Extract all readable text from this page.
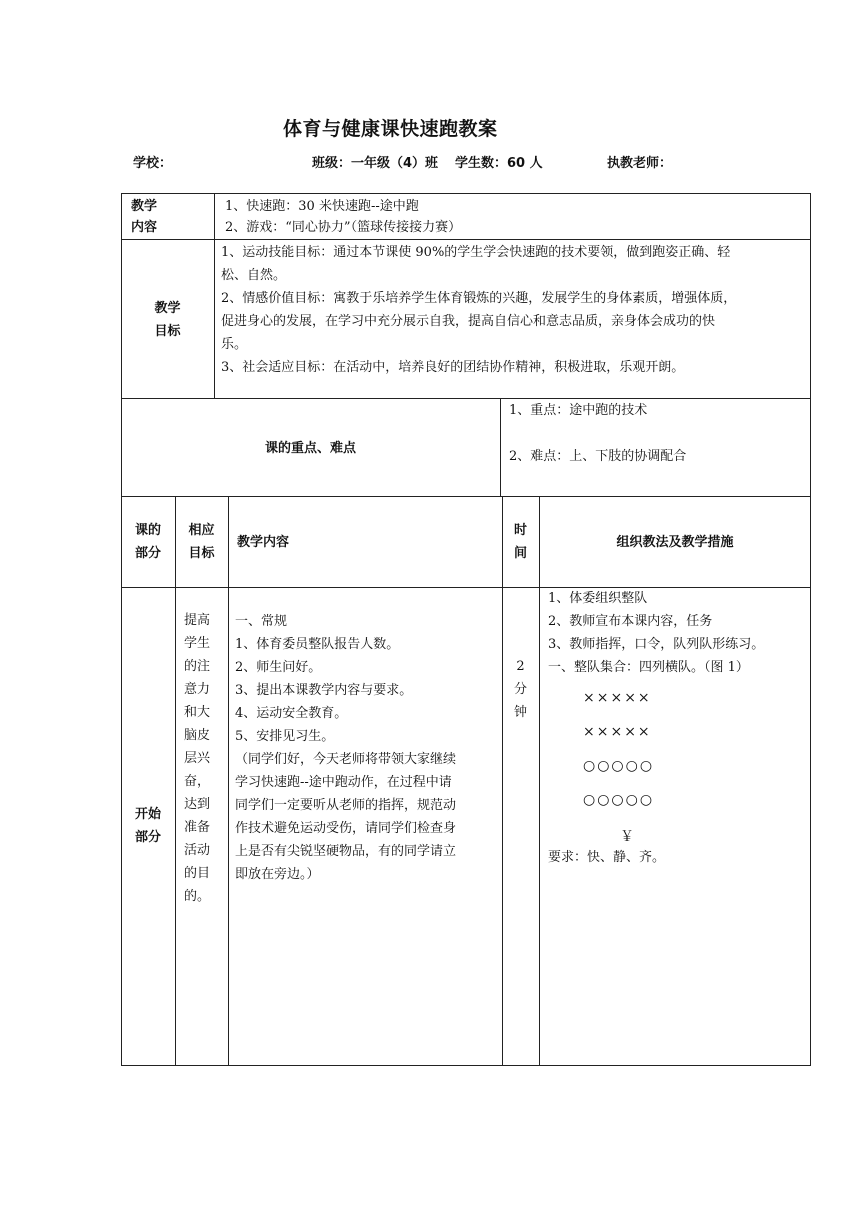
体育与健康课快速跑教案
学校：	班级：一年级（4）班 学生数：60 人	执教老师：
教学
内容
1、快速跑：30 米快速跑--途中跑
2、游戏：“同心协力”（篮球传接接力赛）
教学
目标
1、运动技能目标：通过本节课使 90%的学生学会快速跑的技术要领，做到跑姿正确、轻
松、自然。
2、情感价值目标：寓教于乐培养学生体育锻炼的兴趣，发展学生的身体素质，增强体质，
促进身心的发展，在学习中充分展示自我，提高自信心和意志品质，亲身体会成功的快
乐。
3、社会适应目标：在活动中，培养良好的团结协作精神，积极进取，乐观开朗。
课的重点、难点
1、重点：途中跑的技术
2、难点：上、下肢的协调配合
课的
部分
相应
目标
教学内容
时
间
组织教法及教学措施
开始
部分
提高
学生
的注
意力
和大
脑皮
层兴
奋，
达到
准备
活动
的目
的。
一、常规
1、体育委员整队报告人数。
2、师生问好。
3、提出本课教学内容与要求。
4、运动安全教育。
5、安排见习生。
（同学们好，今天老师将带领大家继续
学习快速跑--途中跑动作，在过程中请
同学们一定要听从老师的指挥，规范动
作技术避免运动受伤，请同学们检查身
上是否有尖锐坚硬物品，有的同学请立
即放在旁边。）
2
分
钟
1、体委组织整队
2、教师宣布本课内容，任务
3、教师指挥，口令，队列队形练习。
一、整队集合：四列横队。（图 1）
×××××
×××××
○○○○○
○○○○○
￥
要求：快、静、齐。
